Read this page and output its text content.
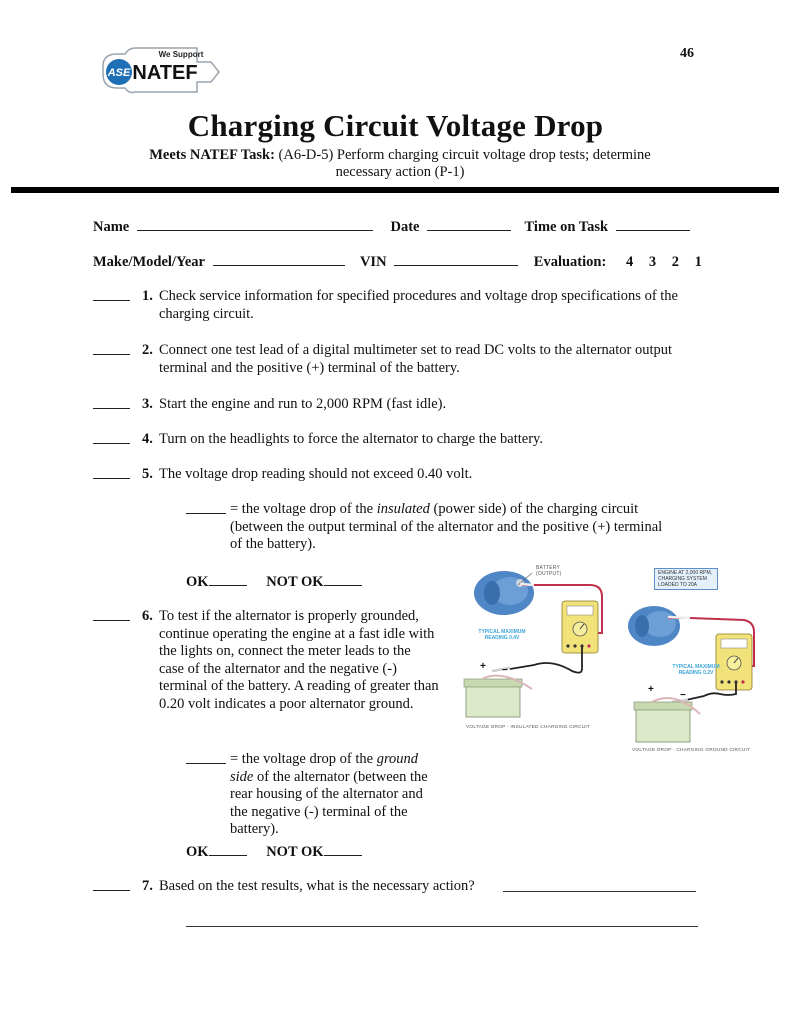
ASE
We Support
NATEF
46
Charging Circuit Voltage Drop
Meets NATEF Task: (A6-D-5) Perform charging circuit voltage drop tests; determine necessary action (P-1)
Name	Date	Time on Task
Make/Model/Year	VIN	Evaluation: 4 3 2 1
1. Check service information for specified procedures and voltage drop specifications of the charging circuit.
2. Connect one test lead of a digital multimeter set to read DC volts to the alternator output terminal and the positive (+) terminal of the battery.
3. Start the engine and run to 2,000 RPM (fast idle).
4. Turn on the headlights to force the alternator to charge the battery.
5. The voltage drop reading should not exceed 0.40 volt.
= the voltage drop of the insulated (power side) of the charging circuit (between the output terminal of the alternator and the positive (+) terminal of the battery).
OK	NOT OK
6. To test if the alternator is properly grounded, continue operating the engine at a fast idle with the lights on, connect the meter leads to the case of the alternator and the negative (-) terminal of the battery. A reading of greater than 0.20 volt indicates a poor alternator ground.
= the voltage drop of the ground side of the alternator (between the rear housing of the alternator and the negative (-) terminal of the battery).
OK	NOT OK
7. Based on the test results, what is the necessary action?
BATTERY (OUTPUT)
TYPICAL MAXIMUM READING 0.4V
+ −
VOLTAGE DROP - INSULATED CHARGING CIRCUIT
ENGINE AT 2,000 RPM, CHARGING SYSTEM LOADED TO 20A
TYPICAL MAXIMUM READING 0.2V
+
−
VOLTAGE DROP - CHARGING GROUND CIRCUIT
